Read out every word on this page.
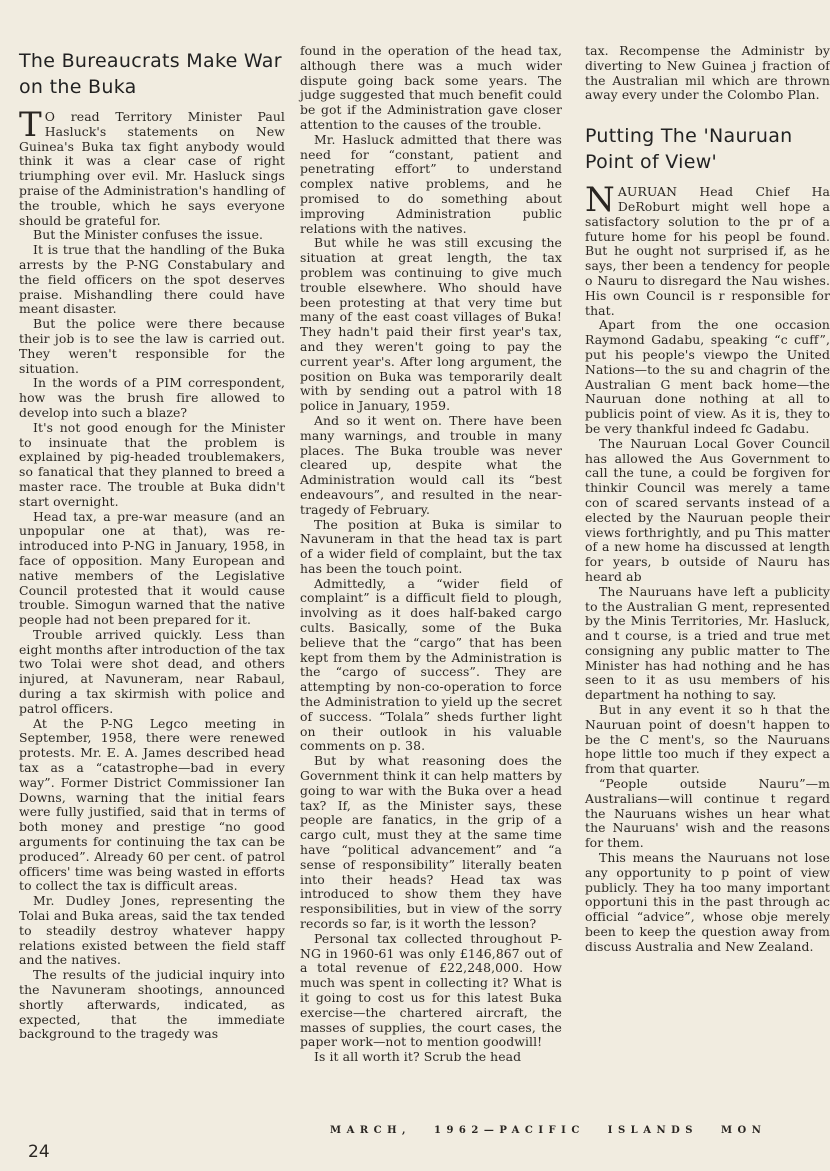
The Bureaucrats Make War on the Buka

T O read Territory Minister Paul Hasluck's statements on New Guinea's Buka tax fight anybody would think it was a clear case of right triumphing over evil. Mr. Hasluck sings praise of the Administration's handling of the trouble, which he says everyone should be grateful for.

But the Minister confuses the issue.

It is true that the handling of the Buka arrests by the P-NG Constabulary and the field officers on the spot deserves praise. Mishandling there could have meant disaster.

But the police were there because their job is to see the law is carried out. They weren't responsible for the situation.

In the words of a PIM correspondent, how was the brush fire allowed to develop into such a blaze?

It's not good enough for the Minister to insinuate that the problem is explained by pig-headed troublemakers, so fanatical that they planned to breed a master race. The trouble at Buka didn't start overnight.

Head tax, a pre-war measure (and an unpopular one at that), was re-introduced into P-NG in January, 1958, in face of opposition. Many European and native members of the Legislative Council protested that it would cause trouble. Simogun warned that the native people had not been prepared for it.

Trouble arrived quickly. Less than eight months after introduction of the tax two Tolai were shot dead, and others injured, at Navuneram, near Rabaul, during a tax skirmish with police and patrol officers.

At the P-NG Legco meeting in September, 1958, there were renewed protests. Mr. E. A. James described head tax as a “catastrophe—bad in every way”. Former District Commissioner Ian Downs, warning that the initial fears were fully justified, said that in terms of both money and prestige “no good arguments for continuing the tax can be produced”. Already 60 per cent. of patrol officers' time was being wasted in efforts to collect the tax is difficult areas.

Mr. Dudley Jones, representing the Tolai and Buka areas, said the tax tended to steadily destroy whatever happy relations existed between the field staff and the natives.

The results of the judicial inquiry into the Navuneram shootings, announced shortly afterwards, indicated, as expected, that the immediate background to the tragedy was

found in the operation of the head tax, although there was a much wider dispute going back some years. The judge suggested that much benefit could be got if the Administration gave closer attention to the causes of the trouble.

Mr. Hasluck admitted that there was need for “constant, patient and penetrating effort” to understand complex native problems, and he promised to do something about improving Administration public relations with the natives.

But while he was still excusing the situation at great length, the tax problem was continuing to give much trouble elsewhere. Who should have been protesting at that very time but many of the east coast villages of Buka! They hadn't paid their first year's tax, and they weren't going to pay the current year's. After long argument, the position on Buka was temporarily dealt with by sending out a patrol with 18 police in January, 1959.

And so it went on. There have been many warnings, and trouble in many places. The Buka trouble was never cleared up, despite what the Administration would call its “best endeavours”, and resulted in the near-tragedy of February.

The position at Buka is similar to Navuneram in that the head tax is part of a wider field of complaint, but the tax has been the touch point.

Admittedly, a “wider field of complaint” is a difficult field to plough, involving as it does half-baked cargo cults. Basically, some of the Buka believe that the “cargo” that has been kept from them by the Administration is the “cargo of success”. They are attempting by non-co-operation to force the Administration to yield up the secret of success. “Tolala” sheds further light on their outlook in his valuable comments on p. 38.

But by what reasoning does the Government think it can help matters by going to war with the Buka over a head tax? If, as the Minister says, these people are fanatics, in the grip of a cargo cult, must they at the same time have “political advancement” and “a sense of responsibility” literally beaten into their heads? Head tax was introduced to show them they have responsibilities, but in view of the sorry records so far, is it worth the lesson?

Personal tax collected throughout P-NG in 1960-61 was only £146,867 out of a total revenue of £22,248,000. How much was spent in collecting it? What is it going to cost us for this latest Buka exercise—the chartered aircraft, the masses of supplies, the court cases, the paper work—not to mention goodwill!

Is it all worth it? Scrub the head

tax. Recompense the Administr by diverting to New Guinea j fraction of the Australian mil which are thrown away every under the Colombo Plan.

Putting The 'Nauruan Point of View'

NAURUAN Head Chief Ha DeRoburt might well hope a satisfactory solution to the pr of a future home for his peopl be found. But he ought not surprised if, as he says, ther been a tendency for people o Nauru to disregard the Nau wishes. His own Council is r responsible for that.

Apart from the one occasion Raymond Gadabu, speaking “c cuff”, put his people's viewpo the United Nations—to the su and chagrin of the Australian G ment back home—the Nauruan done nothing at all to publicis point of view. As it is, they to be very thankful indeed fc Gadabu.

The Nauruan Local Gover Council has allowed the Aus Government to call the tune, a could be forgiven for thinkir Council was merely a tame con of scared servants instead of a elected by the Nauruan people their views forthrightly, and pu This matter of a new home ha discussed at length for years, b outside of Nauru has heard ab

The Nauruans have left a publicity to the Australian G ment, represented by the Minis Territories, Mr. Hasluck, and t course, is a tried and true met consigning any public matter to The Minister has had nothing and he has seen to it as usu members of his department ha nothing to say.

But in any event it so h that the Nauruan point of doesn't happen to be the C ment's, so the Nauruans hope little too much if they expect a from that quarter.

“People outside Nauru”—m Australians—will continue t regard the Nauruans wishes un hear what the Nauruans' wish and the reasons for them.

This means the Nauruans not lose any opportunity to p point of view publicly. They ha too many important opportuni this in the past through ac official “advice”, whose obje merely been to keep the question away from discuss Australia and New Zealand.

MARCH, 1962—PACIFIC ISLANDS MON
24
